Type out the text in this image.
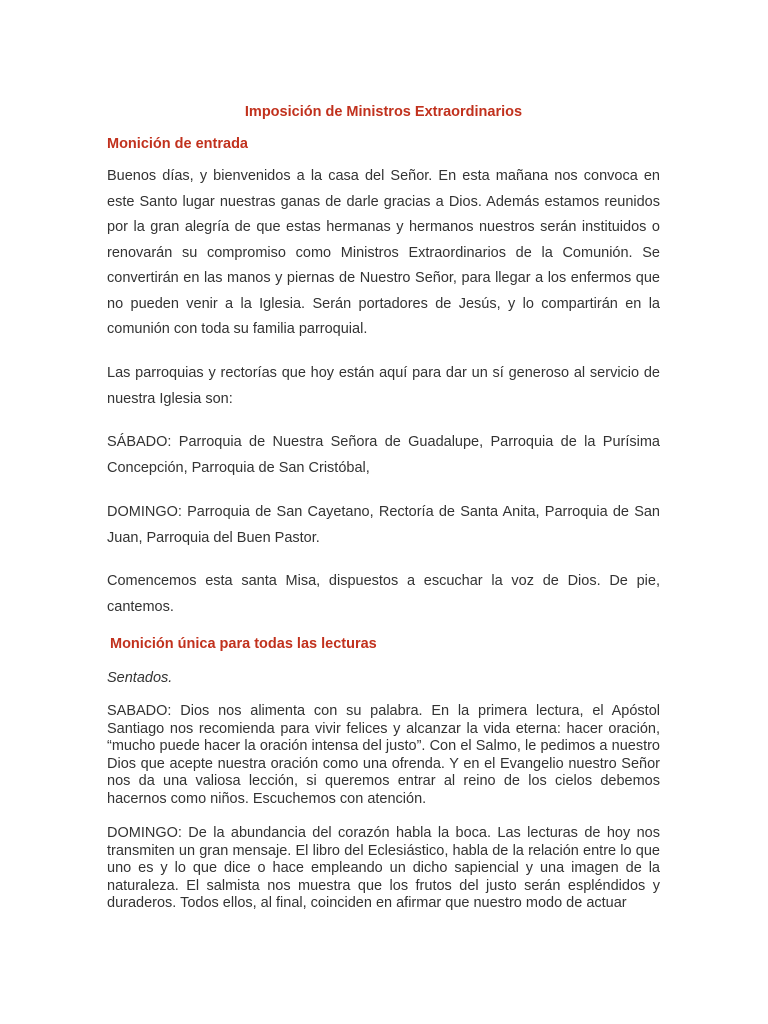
Imposición de Ministros Extraordinarios
Monición de entrada

Buenos días, y bienvenidos a la casa del Señor. En esta mañana nos convoca en este Santo lugar nuestras ganas de darle gracias a Dios. Además estamos reunidos por la gran alegría de que estas hermanas y hermanos nuestros serán instituidos o renovarán su compromiso como Ministros Extraordinarios de la Comunión. Se convertirán en las manos y piernas de Nuestro Señor, para llegar a los enfermos que no pueden venir a la Iglesia. Serán portadores de Jesús, y lo compartirán en la comunión con toda su familia parroquial.

Las parroquias y rectorías que hoy están aquí para dar un sí generoso al servicio de nuestra Iglesia son:

SÁBADO: Parroquia de Nuestra Señora de Guadalupe, Parroquia de la Purísima Concepción, Parroquia de San Cristóbal,

DOMINGO: Parroquia de San Cayetano, Rectoría de Santa Anita, Parroquia de San Juan, Parroquia del Buen Pastor.

Comencemos esta santa Misa, dispuestos a escuchar la voz de Dios. De pie, cantemos.

Monición única para todas las lecturas

Sentados.

SABADO: Dios nos alimenta con su palabra. En la primera lectura, el Apóstol Santiago nos recomienda para vivir felices y alcanzar la vida eterna: hacer oración, “mucho puede hacer la oración intensa del justo”. Con el Salmo, le pedimos a nuestro Dios que acepte nuestra oración como una ofrenda. Y en el Evangelio nuestro Señor nos da una valiosa lección, si queremos entrar al reino de los cielos debemos hacernos como niños. Escuchemos con atención.

DOMINGO: De la abundancia del corazón habla la boca. Las lecturas de hoy nos transmiten un gran mensaje. El libro del Eclesiástico, habla de la relación entre lo que uno es y lo que dice o hace empleando un dicho sapiencial y una imagen de la naturaleza. El salmista nos muestra que los frutos del justo serán espléndidos y duraderos. Todos ellos, al final, coinciden en afirmar que nuestro modo de actuar
